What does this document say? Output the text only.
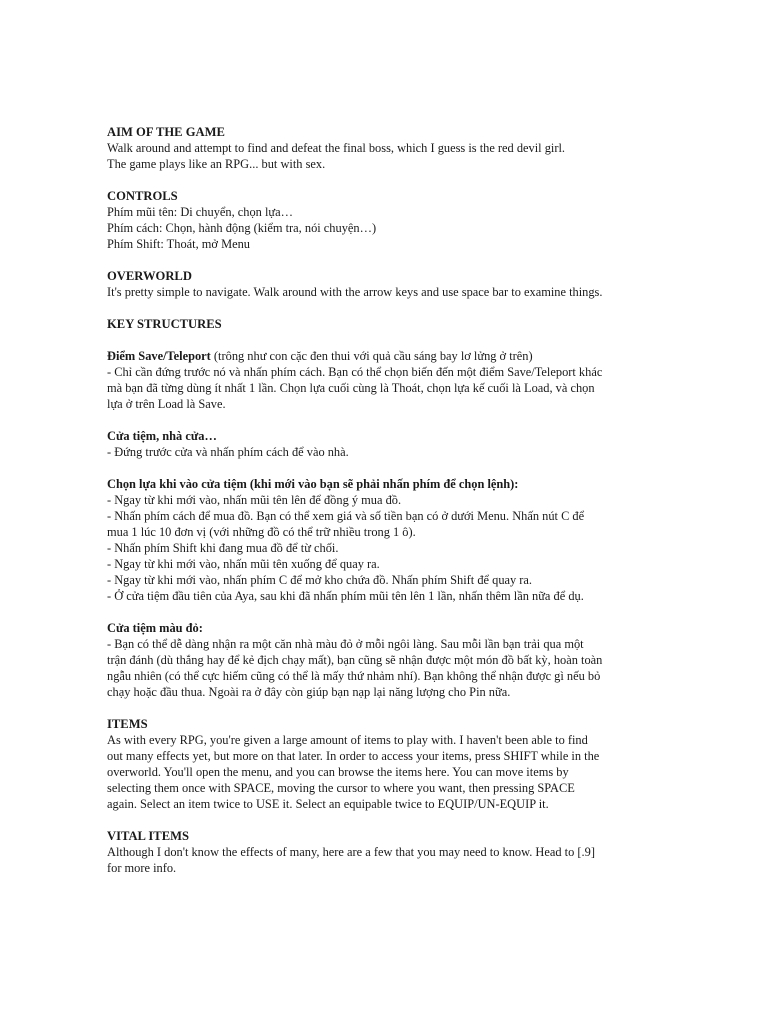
AIM OF THE GAME

Walk around and attempt to find and defeat the final boss, which I guess is the red devil girl.

The game plays like an RPG... but with sex.

CONTROLS

Phím mũi tên: Di chuyển, chọn lựa…

Phím cách: Chọn, hành động (kiểm tra, nói chuyện…)

Phím Shift: Thoát, mở Menu

OVERWORLD

It's pretty simple to navigate. Walk around with the arrow keys and use space bar to examine things.

KEY STRUCTURES

Điểm Save/Teleport (trông như con cặc đen thui với quả cầu sáng bay lơ lửng ở trên)

- Chỉ cần đứng trước nó và nhấn phím cách. Bạn có thể chọn biến đến một điểm Save/Teleport khác

mà bạn đã từng dùng ít nhất 1 lần. Chọn lựa cuối cùng là Thoát, chọn lựa kế cuối là Load, và chọn

lựa ở trên Load là Save.

Cửa tiệm, nhà cửa…

- Đứng trước cửa và nhấn phím cách để vào nhà.

Chọn lựa khi vào cửa tiệm (khi mới vào bạn sẽ phải nhấn phím để chọn lệnh):

- Ngay từ khi mới vào, nhấn mũi tên lên để đồng ý mua đồ.

- Nhấn phím cách để mua đồ. Bạn có thể xem giá và số tiền bạn có ở dưới Menu. Nhấn nút C để

mua 1 lúc 10 đơn vị (với những đồ có thể trữ nhiều trong 1 ô).

- Nhấn phím Shift khi đang mua đồ để từ chối.

- Ngay từ khi mới vào, nhấn mũi tên xuống để quay ra.

- Ngay từ khi mới vào, nhấn phím C để mở kho chứa đồ. Nhấn phím Shift để quay ra.

- Ở cửa tiệm đầu tiên của Aya, sau khi đã nhấn phím mũi tên lên 1 lần, nhấn thêm lần nữa để dụ.

Cửa tiệm màu đỏ:

- Bạn có thể dễ dàng nhận ra một căn nhà màu đỏ ở mỗi ngôi làng. Sau mỗi lần bạn trải qua một

trận đánh (dù thắng hay để kẻ địch chạy mất), bạn cũng sẽ nhận được một món đồ bất kỳ, hoàn toàn

ngẫu nhiên (có thể cực hiếm cũng có thể là mấy thứ nhảm nhí). Bạn không thể nhận được gì nếu bỏ

chạy hoặc đầu thua. Ngoài ra ở đây còn giúp bạn nạp lại năng lượng cho Pin nữa.

ITEMS

As with every RPG, you're given a large amount of items to play with. I haven't been able to find

out many effects yet, but more on that later. In order to access your items, press SHIFT while in the

overworld. You'll open the menu, and you can browse the items here. You can move items by

selecting them once with SPACE, moving the cursor to where you want, then pressing SPACE

again. Select an item twice to USE it. Select an equipable twice to EQUIP/UN-EQUIP it.

VITAL ITEMS

Although I don't know the effects of many, here are a few that you may need to know. Head to [.9]

for more info.
